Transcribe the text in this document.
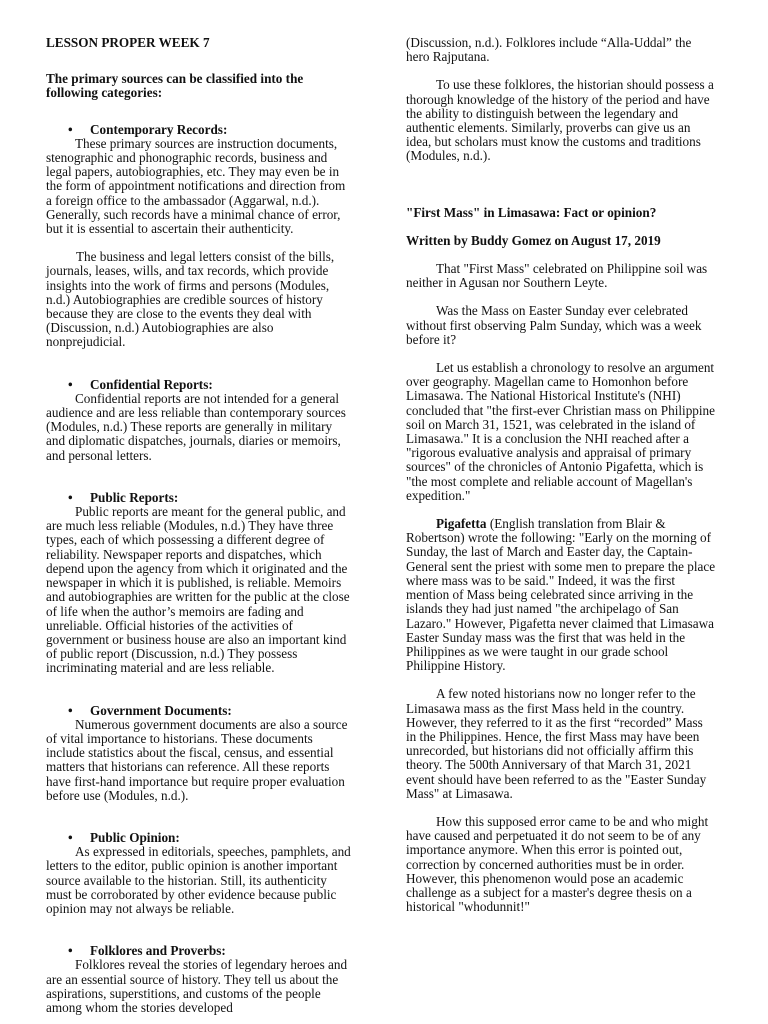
LESSON PROPER WEEK 7

The primary sources can be classified into the following categories:

•	Contemporary Records:

These primary sources are instruction documents, stenographic and phonographic records, business and legal papers, autobiographies, etc. They may even be in the form of appointment notifications and direction from a foreign office to the ambassador (Aggarwal, n.d.). Generally, such records have a minimal chance of error, but it is essential to ascertain their authenticity.

The business and legal letters consist of the bills, journals, leases, wills, and tax records, which provide insights into the work of firms and persons (Modules, n.d.) Autobiographies are credible sources of history because they are close to the events they deal with (Discussion, n.d.) Autobiographies are also nonprejudicial.

•	Confidential Reports:

Confidential reports are not intended for a general audience and are less reliable than contemporary sources (Modules, n.d.) These reports are generally in military and diplomatic dispatches, journals, diaries or memoirs, and personal letters.

•	Public Reports:

Public reports are meant for the general public, and are much less reliable (Modules, n.d.) They have three types, each of which possessing a different degree of reliability. Newspaper reports and dispatches, which depend upon the agency from which it originated and the newspaper in which it is published, is reliable. Memoirs and autobiographies are written for the public at the close of life when the author’s memoirs are fading and unreliable. Official histories of the activities of government or business house are also an important kind of public report (Discussion, n.d.) They possess incriminating material and are less reliable.

•	Government Documents:

Numerous government documents are also a source of vital importance to historians. These documents include statistics about the fiscal, census, and essential matters that historians can reference. All these reports have first-hand importance but require proper evaluation before use (Modules, n.d.).

•	Public Opinion:

As expressed in editorials, speeches, pamphlets, and letters to the editor, public opinion is another important source available to the historian. Still, its authenticity must be corroborated by other evidence because public opinion may not always be reliable.

•	Folklores and Proverbs:

Folklores reveal the stories of legendary heroes and are an essential source of history. They tell us about the aspirations, superstitions, and customs of the people among whom the stories developed

(Discussion, n.d.). Folklores include “Alla-Uddal” the hero Rajputana.

To use these folklores, the historian should possess a thorough knowledge of the history of the period and have the ability to distinguish between the legendary and authentic elements. Similarly, proverbs can give us an idea, but scholars must know the customs and traditions (Modules, n.d.).

"First Mass" in Limasawa: Fact or opinion?

Written by Buddy Gomez on August 17, 2019

That "First Mass" celebrated on Philippine soil was neither in Agusan nor Southern Leyte.

Was the Mass on Easter Sunday ever celebrated without first observing Palm Sunday, which was a week before it?

Let us establish a chronology to resolve an argument over geography. Magellan came to Homonhon before Limasawa. The National Historical Institute's (NHI) concluded that "the first-ever Christian mass on Philippine soil on March 31, 1521, was celebrated in the island of Limasawa." It is a conclusion the NHI reached after a "rigorous evaluative analysis and appraisal of primary sources" of the chronicles of Antonio Pigafetta, which is "the most complete and reliable account of Magellan's expedition."

Pigafetta (English translation from Blair & Robertson) wrote the following: "Early on the morning of Sunday, the last of March and Easter day, the Captain-General sent the priest with some men to prepare the place where mass was to be said." Indeed, it was the first mention of Mass being celebrated since arriving in the islands they had just named "the archipelago of San Lazaro." However, Pigafetta never claimed that Limasawa Easter Sunday mass was the first that was held in the Philippines as we were taught in our grade school Philippine History.

A few noted historians now no longer refer to the Limasawa mass as the first Mass held in the country. However, they referred to it as the first “recorded” Mass in the Philippines. Hence, the first Mass may have been unrecorded, but historians did not officially affirm this theory. The 500th Anniversary of that March 31, 2021 event should have been referred to as the "Easter Sunday Mass" at Limasawa.

How this supposed error came to be and who might have caused and perpetuated it do not seem to be of any importance anymore. When this error is pointed out, correction by concerned authorities must be in order. However, this phenomenon would pose an academic challenge as a subject for a master's degree thesis on a historical "whodunnit!"
